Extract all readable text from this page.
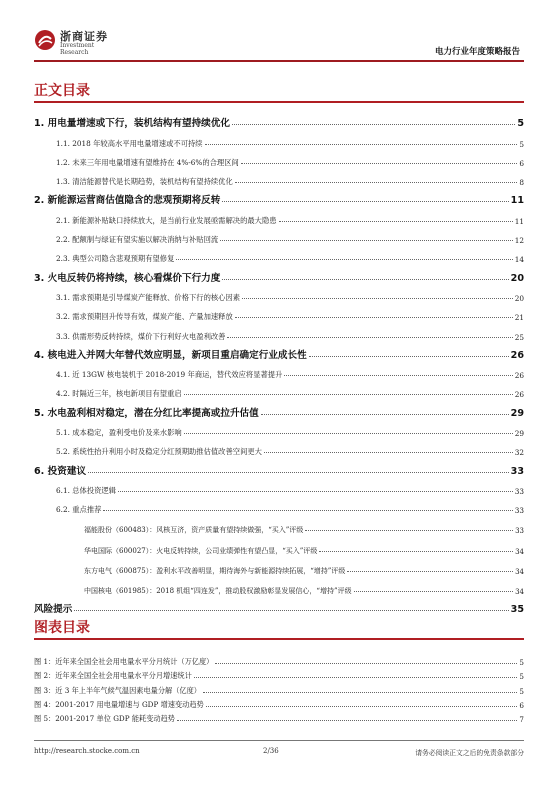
浙商证券
Investment Research	电力行业年度策略报告
正文目录
1. 用电量增速或下行，装机结构有望持续优化	5
1.1. 2018 年较高水平用电量增速或不可持续	5
1.2. 未来三年用电量增速有望维持在 4%-6%的合理区间	6
1.3. 清洁能源替代是长期趋势，装机结构有望持续优化	8
2. 新能源运营商估值隐含的悲观预期将反转	11
2.1. 新能源补贴缺口持续放大，是当前行业发展亟需解决的最大隐患	11
2.2. 配额制与绿证有望实施以解决消纳与补贴回流	12
2.3. 典型公司隐含悲观预期有望修复	14
3. 火电反转仍将持续，核心看煤价下行力度	20
3.1. 需求预期是引导煤炭产能释放、价格下行的核心因素	20
3.2. 需求预期回升传导有效，煤炭产能、产量加速释放	21
3.3. 供需形势反转持续，煤价下行利好火电盈利改善	25
4. 核电进入并网大年替代效应明显，新项目重启确定行业成长性	26
4.1. 近 13GW 核电装机于 2018-2019 年商运，替代效应将显著提升	26
4.2. 时隔近三年，核电新项目有望重启	26
5. 水电盈利相对稳定，潜在分红比率提高或拉升估值	29
5.1. 成本稳定，盈利受电价及来水影响	29
5.2. 系统性抬升利用小时及稳定分红预期助推估值改善空间更大	32
6. 投资建议	33
6.1. 总体投资逻辑	33
6.2. 重点推荐	33
福能股份（600483）：风核互济，资产质量有望持续做强，“买入”评级	33
华电国际（600027）：火电反转持续，公司业绩弹性有望凸显，“买入”评级	34
东方电气（600875）：盈利水平改善明显，期待海外与新能源持续拓展，“增持”评级	34
中国核电（601985）：2018 机组“四连发”，推动股权激励彰显发展信心，“增持”评级	34
风险提示	35
图表目录
图 1：近年来全国全社会用电量水平分月统计（万亿度）	5
图 2：近年来全国全社会用电量水平分月增速统计	5
图 3：近 3 年上半年气候气温因素电量分解（亿度）	5
图 4：2001-2017 用电量增速与 GDP 增速变动趋势	6
图 5：2001-2017 单位 GDP 能耗变动趋势	7
http://research.stocke.com.cn	2/36	请务必阅读正文之后的免责条款部分
